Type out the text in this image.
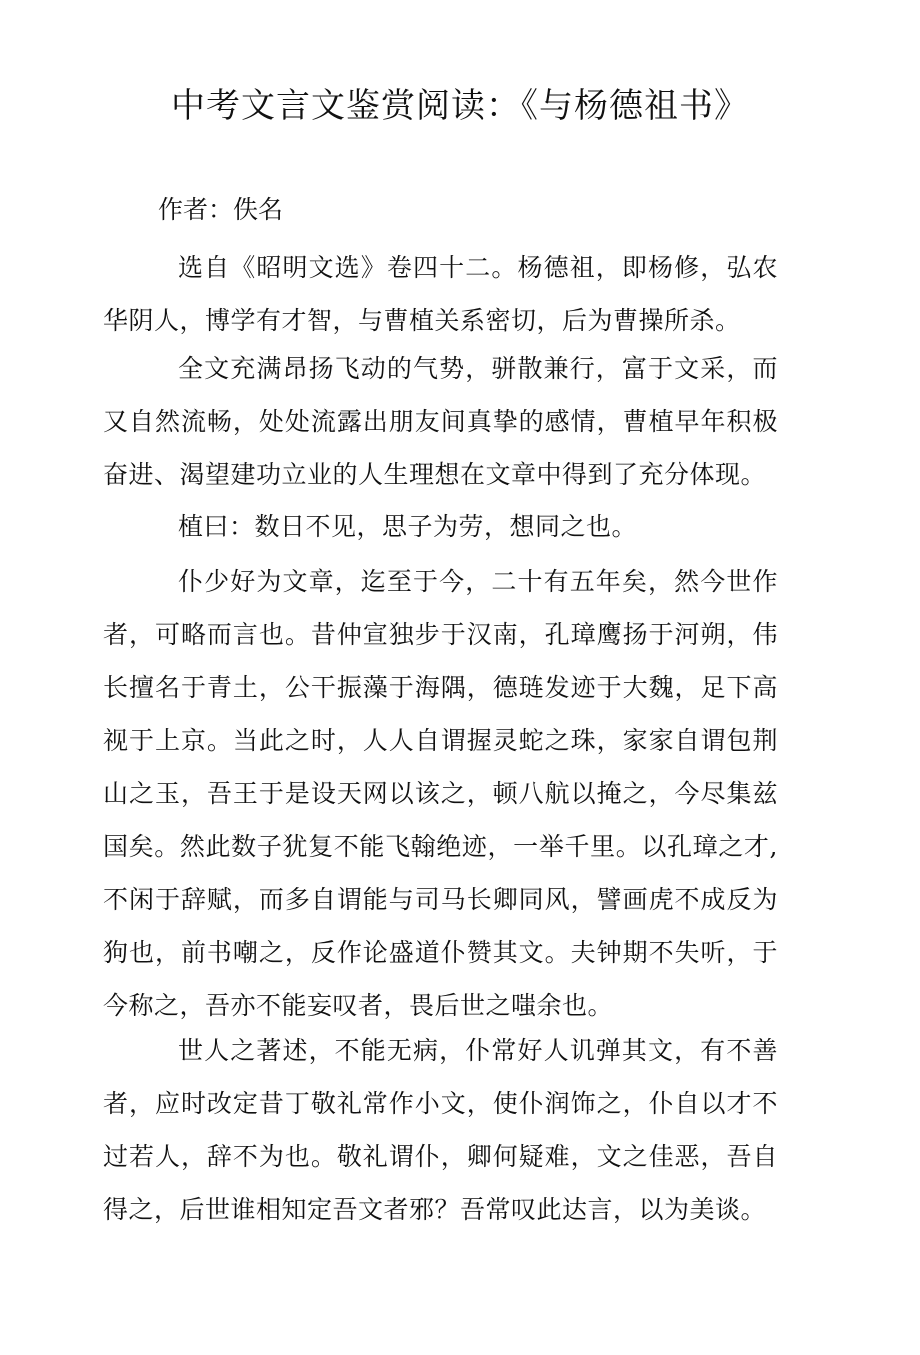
中考文言文鉴赏阅读：《与杨德祖书》

作者：佚名

选自《昭明文选》卷四十二。杨德祖，即杨修，弘农华阴人，博学有才智，与曹植关系密切，后为曹操所杀。

全文充满昂扬飞动的气势，骈散兼行，富于文采，而又自然流畅，处处流露出朋友间真挚的感情，曹植早年积极奋进、渴望建功立业的人生理想在文章中得到了充分体现。

植曰：数日不见，思子为劳，想同之也。

仆少好为文章，迄至于今，二十有五年矣，然今世作者，可略而言也。昔仲宣独步于汉南，孔璋鹰扬于河朔，伟长擅名于青土，公干振藻于海隅，德琏发迹于大魏，足下高视于上京。当此之时，人人自谓握灵蛇之珠，家家自谓包荆山之玉，吾王于是设天网以该之，顿八航以掩之，今尽集兹国矣。然此数子犹复不能飞翰绝迹，一举千里。以孔璋之才,不闲于辞赋，而多自谓能与司马长卿同风，譬画虎不成反为狗也，前书嘲之，反作论盛道仆赞其文。夫钟期不失听，于今称之，吾亦不能妄叹者，畏后世之嗤余也。

世人之著述，不能无病，仆常好人讥弹其文，有不善者，应时改定昔丁敬礼常作小文，使仆润饰之，仆自以才不过若人，辞不为也。敬礼谓仆，卿何疑难，文之佳恶，吾自得之，后世谁相知定吾文者邪？吾常叹此达言，以为美谈。
